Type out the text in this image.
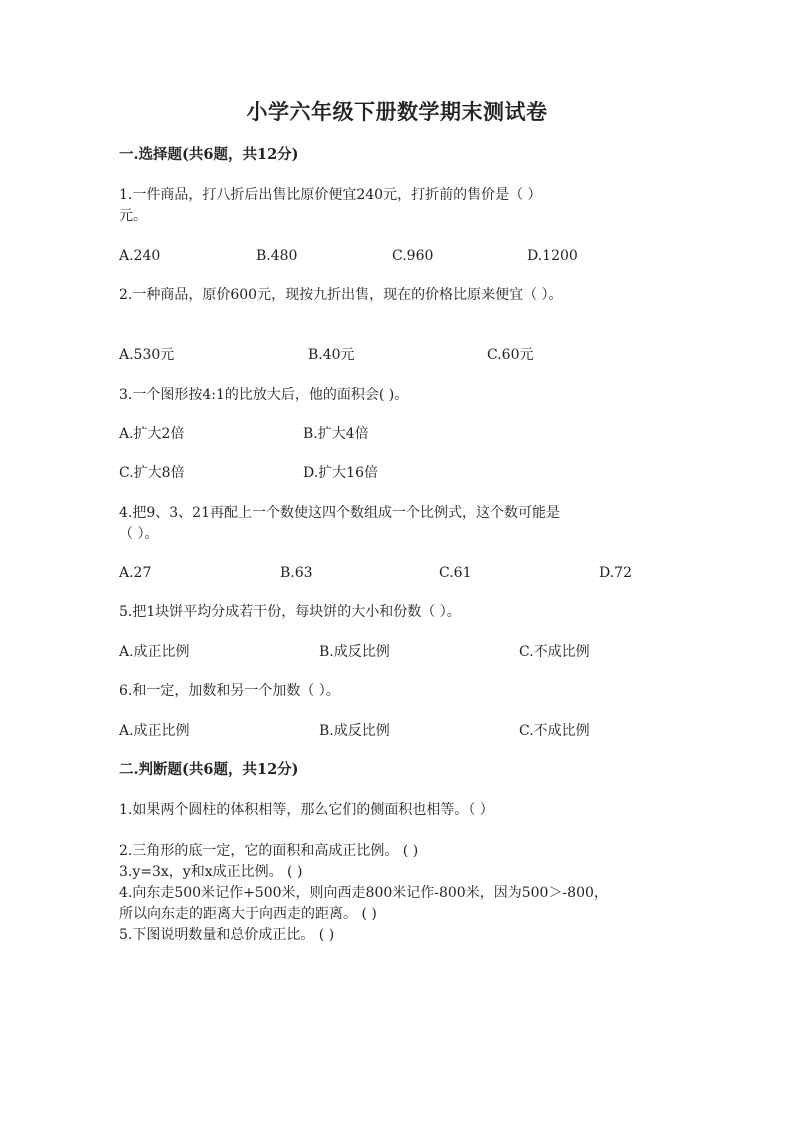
小学六年级下册数学期末测试卷
一.选择题(共6题，共12分)
1.一件商品，打八折后出售比原价便宜240元，打折前的售价是（ ）
元。
A.240	B.480	C.960	D.1200
2.一种商品，原价600元，现按九折出售，现在的价格比原来便宜（ ）。
A.530元	B.40元	C.60元
3.一个图形按4:1的比放大后，他的面积会( )。
A.扩大2倍	B.扩大4倍
C.扩大8倍	D.扩大16倍
4.把9、3、21再配上一个数使这四个数组成一个比例式，这个数可能是
（ ）。
A.27	B.63	C.61	D.72
5.把1块饼平均分成若干份，每块饼的大小和份数（ ）。
A.成正比例	B.成反比例	C.不成比例
6.和一定，加数和另一个加数（ ）。
A.成正比例	B.成反比例	C.不成比例
二.判断题(共6题，共12分)
1.如果两个圆柱的体积相等，那么它们的侧面积也相等。（ ）
2.三角形的底一定，它的面积和高成正比例。 ( )
3.y=3x，y和x成正比例。 ( )
4.向东走500米记作+500米，则向西走800米记作-800米，因为500＞-800，
所以向东走的距离大于向西走的距离。 ( )
5.下图说明数量和总价成正比。 ( )
